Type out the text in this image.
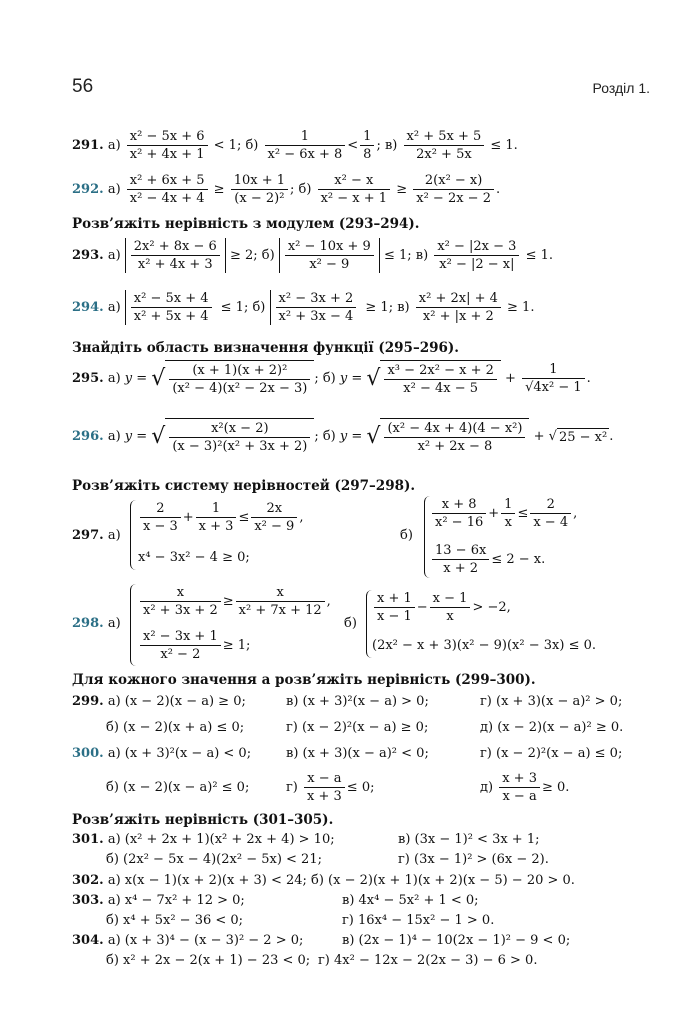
56	Розділ 1.
291. $а) \frac{\text{x² − 5x + 6}}{\text{x² + 4x + 1}} < 1$; $б) \frac{1}{\text{x² − 6x + 8}} < \frac{1}{8}$ ; $в) \frac{\text{x² + 5x + 5}}{\text{2x² + 5x}} \le 1$.
292. $а) \frac{\text{x² + 6x + 5}}{\text{x² − 4x + 4}} \ge \frac{10x + 1}{\text{(x − 2)²}}$ ; $б) \frac{\text{x² − x}}{\text{x² − x + 1}} \ge \frac{\text{2(x² − x)}}{\text{x² − 2x − 2}}$ .
Розв’яжіть нерівність з модулем (293–294).
293. $а) \frac{\text{2x² + 8x − 6}}{\text{x² + 4x + 3}} \ge 2$; $б) \frac{\text{x² − 10x + 9}}{\text{x² − 9}} \le 1$; $в) \frac{\text{x² − |2x − 3}}{\text{x² − |2 − x|}} \le 1$.
294. $а) \frac{\text{x² − 5x + 4}}{\text{x² + 5x + 4}} \le 1$; $б) \frac{\text{x² − 3x + 2}}{\text{x² + 3x − 4}} \ge 1$; $в) \frac{\text{x² + 2x| + 4}}{\text{x² + |x + 2}} \ge 1$.
Знайдіть область визначення функції (295–296).
295. а) y = √ $\frac{\text{(x + 1)(x + 2)²}}{\text{(x² − 4)(x² − 2x − 3)}}$ ; б) y = √ $\frac{\text{x³ − 2x² − x + 2}}{\text{x² − 4x − 5}} + \frac{1}{\text{√4x² − 1}}$ .
296. а) y = √ $\frac{\text{x²(x − 2)}}{\text{(x − 3)²(x² + 3x + 2)}}$ ; б) y = √ $\frac{\text{(x² − 4x + 4)(4 − x²)}}{\text{x² + 2x − 8}}$ + √ 25 − x² .
Розв’яжіть систему нерівностей (297–298).
297. а)
$\frac{2}{x - 3} + \frac{1}{x + 3} \le \frac{2x}{\text{x² − 9}}$ ,
x⁴ − 3x² − 4 ≥ 0;
б)
$\frac{x + 8}{\text{x² − 16}} + \frac{1}{x} \le \frac{2}{x - 4}$ ,
$\frac{13 - 6x}{x + 2} \le 2 - x$.
298. а)
$\frac{x}{\text{x² + 3x + 2}} \ge \frac{x}{\text{x² + 7x + 12}}$ ,
$\frac{\text{x² − 3x + 1}}{\text{x² − 2}} \ge 1$;
$б) \frac{x + 1}{x - 1} - \frac{x - 1}{x} > -2$,
(2x² − x + 3)(x² − 9)(x² − 3x) ≤ 0.
Для кожного значення a розв’яжіть нерівність (299–300).
299. а) (x − 2)(x − a) ≥ 0;	в) (x + 3)²(x − a) > 0;	г) (x + 3)(x − a)² > 0;
б) (x − 2)(x + a) ≤ 0;	г) (x − 2)²(x − a) ≥ 0;	д) (x − 2)(x − a)² ≥ 0.
300. а) (x + 3)²(x − a) < 0;	в) (x + 3)(x − a)² < 0;	г) (x − 2)²(x − a) ≤ 0;
б) (x − 2)(x − a)² ≤ 0;	$г) \frac{x - a}{x + 3} \le 0$;	$д) \frac{x + 3}{x - a} \ge 0$.
Розв’яжіть нерівність (301–305).
301. а) (x² + 2x + 1)(x² + 2x + 4) > 10;	в) (3x − 1)² < 3x + 1;
б) (2x² − 5x − 4)(2x² − 5x) < 21;	г) (3x − 1)² > (6x − 2).
302. а) x(x − 1)(x + 2)(x + 3) < 24; б) (x − 2)(x + 1)(x + 2)(x − 5) − 20 > 0.
303. а) x⁴ − 7x² + 12 > 0;	в) 4x⁴ − 5x² + 1 < 0;
б) x⁴ + 5x² − 36 < 0;	г) 16x⁴ − 15x² − 1 > 0.
304. а) (x + 3)⁴ − (x − 3)² − 2 > 0;	в) (2x − 1)⁴ − 10(2x − 1)² − 9 < 0;
б) x² + 2x − 2(x + 1) − 23 < 0; г) 4x² − 12x − 2(2x − 3) − 6 > 0.
